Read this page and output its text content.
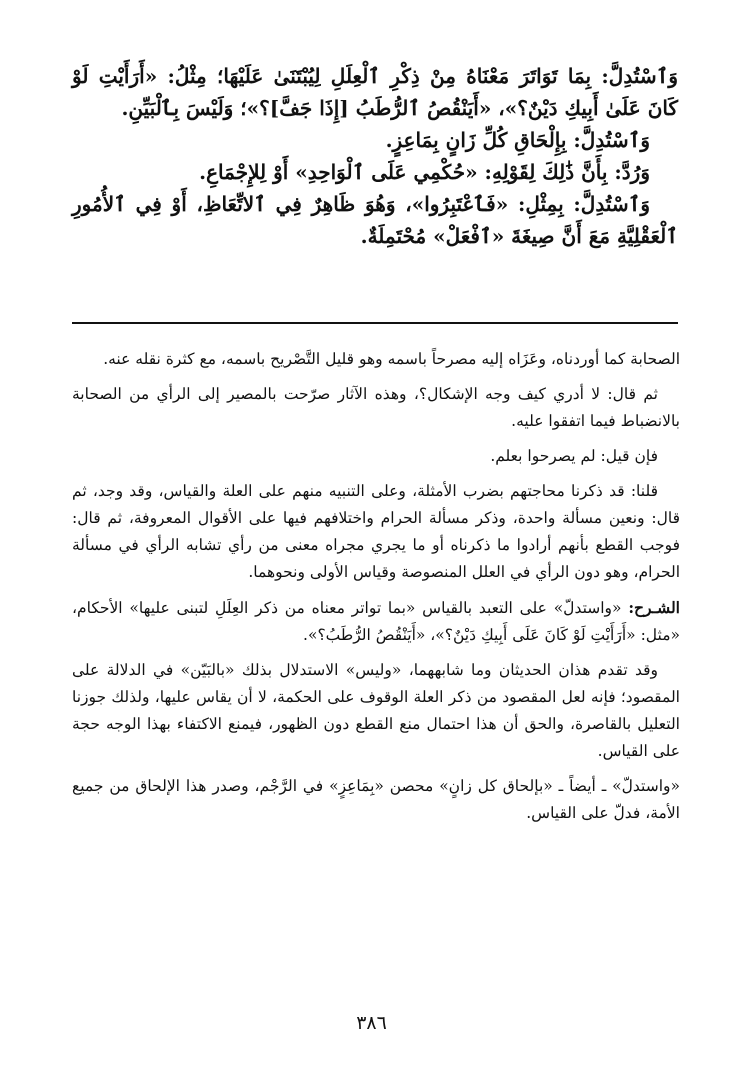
وَٱسْتُدِلَّ: بِمَا تَوَاتَرَ مَعْنَاهُ مِنْ ذِكْرِ ٱلْعِلَلِ لِيُبْتَنَىٰ عَلَيْهَا؛ مِثْلُ: «أَرَأَيْتِ لَوْ كَانَ عَلَىٰ أَبِيكِ دَيْنٌ؟»، «أَيَنْقُصُ ٱلرُّطَبُ [إِذَا جَفَّ]؟»؛ وَلَيْسَ بِٱلْبَيِّنِ.

وَٱسْتُدِلَّ: بِإِلْحَاقِ كُلِّ زَانٍ بِمَاعِزٍ.

وَرُدَّ: بِأَنَّ ذَٰلِكَ لِقَوْلِهِ: «حُكْمِي عَلَى ٱلْوَاحِدِ» أَوْ لِلإِجْمَاعِ.

وَٱسْتُدِلَّ: بِمِثْلِ: «فَٱعْتَبِرُوا»، وَهُوَ ظَاهِرٌ فِي ٱلاتِّعَاظِ، أَوْ فِي ٱلأُمُورِ ٱلْعَقْلِيَّةِ مَعَ أَنَّ صِيغَةَ «ٱفْعَلْ» مُحْتَمِلَةٌ.

الصحابة كما أوردناه، وعَزَاه إليه مصرحاً باسمه وهو قليل التَّصْريح باسمه، مع كثرة نقله عنه.

ثم قال: لا أدري كيف وجه الإشكال؟، وهذه الآثار صرّحت بالمصير إلى الرأي من الصحابة بالانضباط فيما اتفقوا عليه.

فإن قيل: لم يصرحوا بعلم.

قلنا: قد ذكرنا محاجتهم بضرب الأمثلة، وعلى التنبيه منهم على العلة والقياس، وقد وجد، ثم قال: ونعين مسألة واحدة، وذكر مسألة الحرام واختلافهم فيها على الأقوال المعروفة، ثم قال: فوجب القطع بأنهم أرادوا ما ذكرناه أو ما يجري مجراه معنى من رأي تشابه الرأي في مسألة الحرام، وهو دون الرأي في العلل المنصوصة وقياس الأولى ونحوهما.

الشـرح: «واستدلّ» على التعبد بالقياس «بما تواتر معناه من ذكر العِلَلِ لتبنى عليها» الأحكام، «مثل: «أَرَأَيْتِ لَوْ كَانَ عَلَى أَبِيكِ دَيْنٌ؟»، «أَيَنْقُصُ الرُّطَبُ؟».

وقد تقدم هذان الحديثان وما شابههما، «وليس» الاستدلال بذلك «بالبَيّن» في الدلالة على المقصود؛ فإنه لعل المقصود من ذكر العلة الوقوف على الحكمة، لا أن يقاس عليها، ولذلك جوزنا التعليل بالقاصرة، والحق أن هذا احتمال منع القطع دون الظهور، فيمنع الاكتفاء بهذا الوجه حجة على القياس.

«واستدلّ» ـ أيضاً ـ «بإلحاق كل زانٍ» محصن «بِمَاعِزٍ» في الرَّجْم، وصدر هذا الإلحاق من جميع الأمة، فدلّ على القياس.

٣٨٦
